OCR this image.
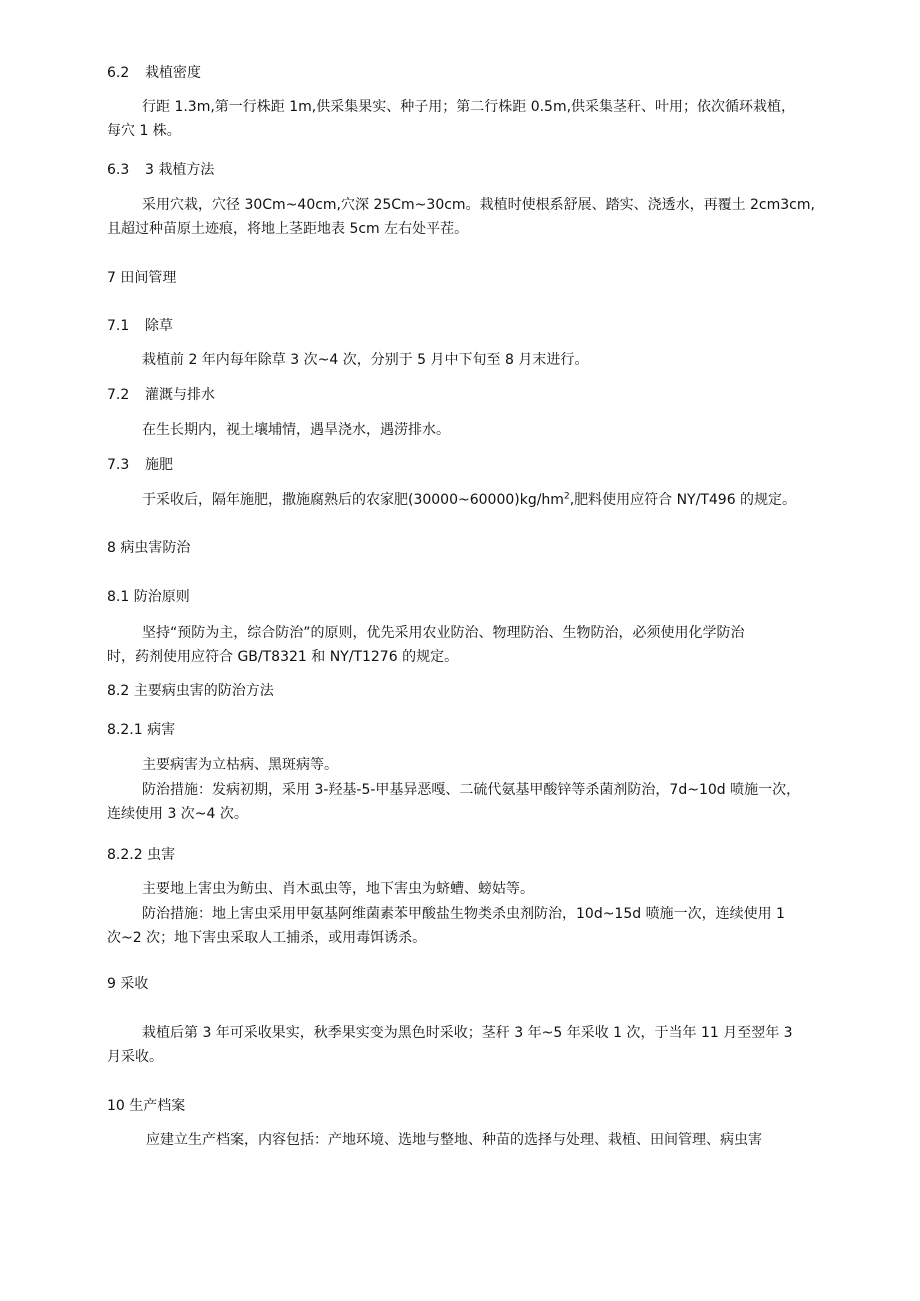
6.2 栽植密度
行距 1.3m,第一行株距 1m,供采集果实、种子用；第二行株距 0.5m,供采集茎秆、叶用；依次循环栽植，
每穴 1 株。
6.3 3 栽植方法
采用穴栽，穴径 30Cm~40cm,穴深 25Cm~30cm。栽植时使根系舒展、踏实、浇透水，再覆土 2cm3cm,
且超过种苗原土迹痕，将地上茎距地表 5cm 左右处平茬。
7 田间管理
7.1 除草
栽植前 2 年内每年除草 3 次~4 次，分别于 5 月中下旬至 8 月末进行。
7.2 灌溉与排水
在生长期内，视土壤埔情，遇旱浇水，遇涝排水。
7.3 施肥
于采收后，隔年施肥，撒施腐熟后的农家肥$(30000\sim 60000)kg/hm^2$,肥料使用应符合 NY/T496 的规定。
8 病虫害防治
8.1 防治原则
坚持“预防为主，综合防治”的原则，优先采用农业防治、物理防治、生物防治，必须使用化学防治
时，药剂使用应符合 GB/T8321 和 NY/T1276 的规定。
8.2 主要病虫害的防治方法
8.2.1 病害
主要病害为立枯病、黑斑病等。
防治措施：发病初期，采用 3-羟基-5-甲基异恶嘎、二硫代氨基甲酸锌等杀菌剂防治，7d~10d 喷施一次，
连续使用 3 次~4 次。
8.2.2 虫害
主要地上害虫为鲂虫、肖木虱虫等，地下害虫为蛴螬、螃姑等。
防治措施：地上害虫采用甲氨基阿维菌素苯甲酸盐生物类杀虫剂防治，10d~15d 喷施一次，连续使用 1
次~2 次；地下害虫采取人工捕杀，或用毒饵诱杀。
9 采收
栽植后第 3 年可采收果实，秋季果实变为黑色时采收；茎秆 3 年~5 年采收 1 次，于当年 11 月至翌年 3
月采收。
10 生产档案
应建立生产档案，内容包括：产地环境、选地与整地、种苗的选择与处理、栽植、田间管理、病虫害
